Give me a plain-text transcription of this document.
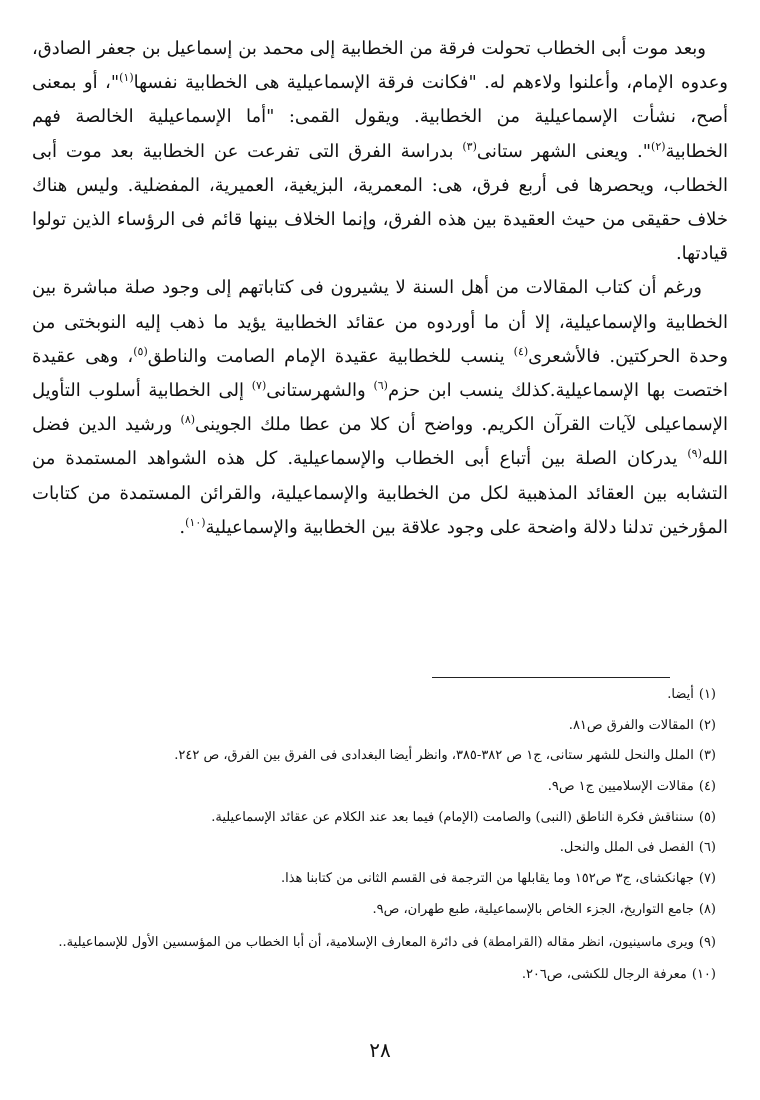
وبعد موت أبى الخطاب تحولت فرقة من الخطابية إلى محمد بن إسماعيل بن جعفر الصادق، وعدوه الإمام، وأعلنوا ولاءهم له. "فكانت فرقة الإسماعيلية هى الخطابية نفسها$^{(١)}$"، أو بمعنى أصح، نشأت الإسماعيلية من الخطابية. ويقول القمى: "أما الإسماعيلية الخالصة فهم الخطابية$^{(٢)}$". ويعنى الشهر ستانى$^{(٣)}$ بدراسة الفرق التى تفرعت عن الخطابية بعد موت أبى الخطاب، ويحصرها فى أربع فرق، هى: المعمرية، البزيغية، العميرية، المفضلية. وليس هناك خلاف حقيقى من حيث العقيدة بين هذه الفرق، وإنما الخلاف بينها قائم فى الرؤساء الذين تولوا قيادتها.

ورغم أن كتاب المقالات من أهل السنة لا يشيرون فى كتاباتهم إلى وجود صلة مباشرة بين الخطابية والإسماعيلية، إلا أن ما أوردوه من عقائد الخطابية يؤيد ما ذهب إليه النوبختى من وحدة الحركتين. فالأشعرى$^{(٤)}$ ينسب للخطابية عقيدة الإمام الصامت والناطق$^{(٥)}$، وهى عقيدة اختصت بها الإسماعيلية.كذلك ينسب ابن حزم$^{(٦)}$ والشهرستانى$^{(٧)}$ إلى الخطابية أسلوب التأويل الإسماعيلى لآيات القرآن الكريم. وواضح أن كلا من عطا ملك الجوينى$^{(٨)}$ ورشيد الدين فضل الله$^{(٩)}$ يدركان الصلة بين أتباع أبى الخطاب والإسماعيلية. كل هذه الشواهد المستمدة من التشابه بين العقائد المذهبية لكل من الخطابية والإسماعيلية، والقرائن المستمدة من كتابات المؤرخين تدلنا دلالة واضحة على وجود علاقة بين الخطابية والإسماعيلية$^{(١٠)}$.

(١)أيضا.

(٢)المقالات والفرق ص٨١.

(٣)الملل والنحل للشهر ستانى، ج١ ص ٣٨٢-٣٨٥، وانظر أيضا البغدادى فى الفرق بين الفرق، ص ٢٤٢.

(٤)مقالات الإسلاميين ج١ ص٩.

(٥)سنناقش فكرة الناطق (النبى) والصامت (الإمام) فيما بعد عند الكلام عن عقائد الإسماعيلية.

(٦)الفصل فى الملل والنحل.

(٧)جهانكشاى، ج٣ ص١٥٢ وما يقابلها من الترجمة فى القسم الثانى من كتابنا هذا.

(٨)جامع التواريخ، الجزء الخاص بالإسماعيلية، طبع طهران، ص٩.

(٩)ويرى ماسينيون، انظر مقاله (القرامطة) فى دائرة المعارف الإسلامية، أن أبا الخطاب من المؤسسين الأول للإسماعيلية..

(١٠)معرفة الرجال للكشى، ص٢٠٦.

٢٨
